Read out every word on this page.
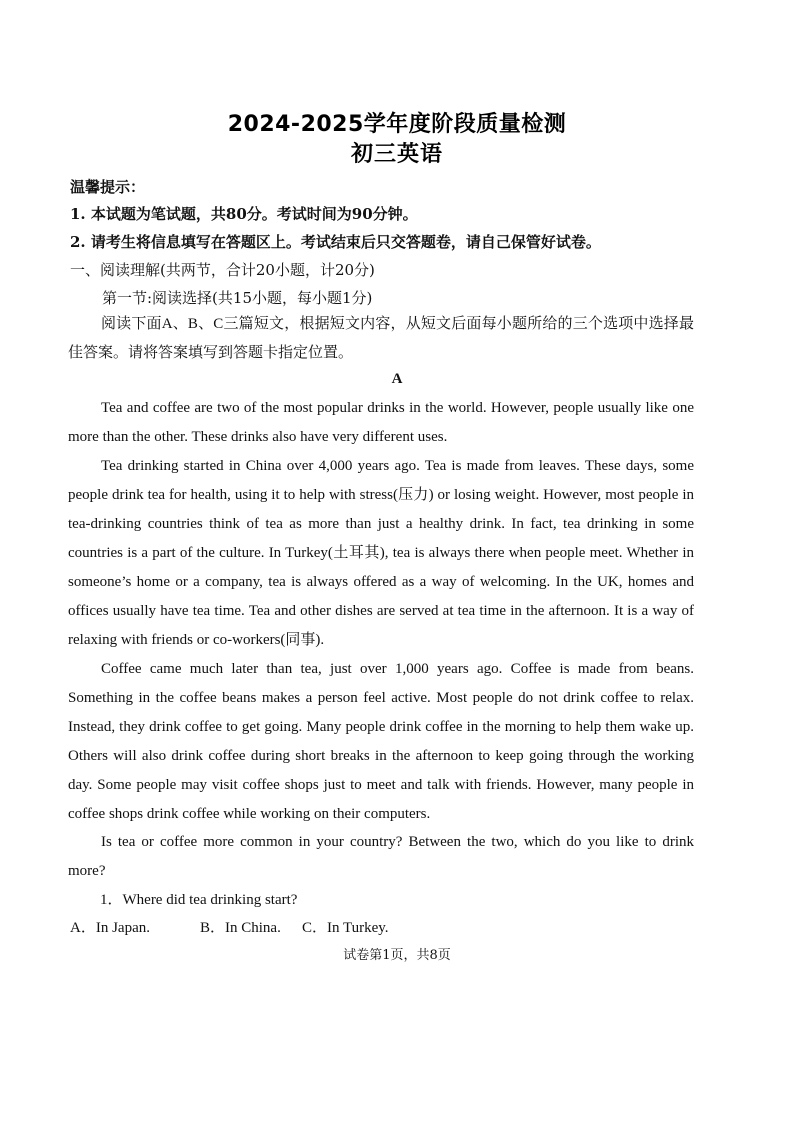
2024-2025学年度阶段质量检测
初三英语
温馨提示：
1. 本试题为笔试题，共80分。考试时间为90分钟。
2. 请考生将信息填写在答题区上。考试结束后只交答题卷，请自己保管好试卷。
一、阅读理解(共两节，合计20小题，计20分)
第一节:阅读选择(共15小题，每小题1分)
阅读下面A、B、C三篇短文，根据短文内容，从短文后面每小题所给的三个选项中选择最佳答案。请将答案填写到答题卡指定位置。
A
Tea and coffee are two of the most popular drinks in the world. However, people usually like one more than the other. These drinks also have very different uses.
Tea drinking started in China over 4,000 years ago. Tea is made from leaves. These days, some people drink tea for health, using it to help with stress(压力) or losing weight. However, most people in tea-drinking countries think of tea as more than just a healthy drink. In fact, tea drinking in some countries is a part of the culture. In Turkey(土耳其), tea is always there when people meet. Whether in someone’s home or a company, tea is always offered as a way of welcoming. In the UK, homes and offices usually have tea time. Tea and other dishes are served at tea time in the afternoon. It is a way of relaxing with friends or co-workers(同事).
Coffee came much later than tea, just over 1,000 years ago. Coffee is made from beans. Something in the coffee beans makes a person feel active. Most people do not drink coffee to relax. Instead, they drink coffee to get going. Many people drink coffee in the morning to help them wake up. Others will also drink coffee during short breaks in the afternoon to keep going through the working day. Some people may visit coffee shops just to meet and talk with friends. However, many people in coffee shops drink coffee while working on their computers.
Is tea or coffee more common in your country? Between the two, which do you like to drink more?
1．Where did tea drinking start?
A．In Japan.	B．In China. C．In Turkey.
试卷第1页，共8页
